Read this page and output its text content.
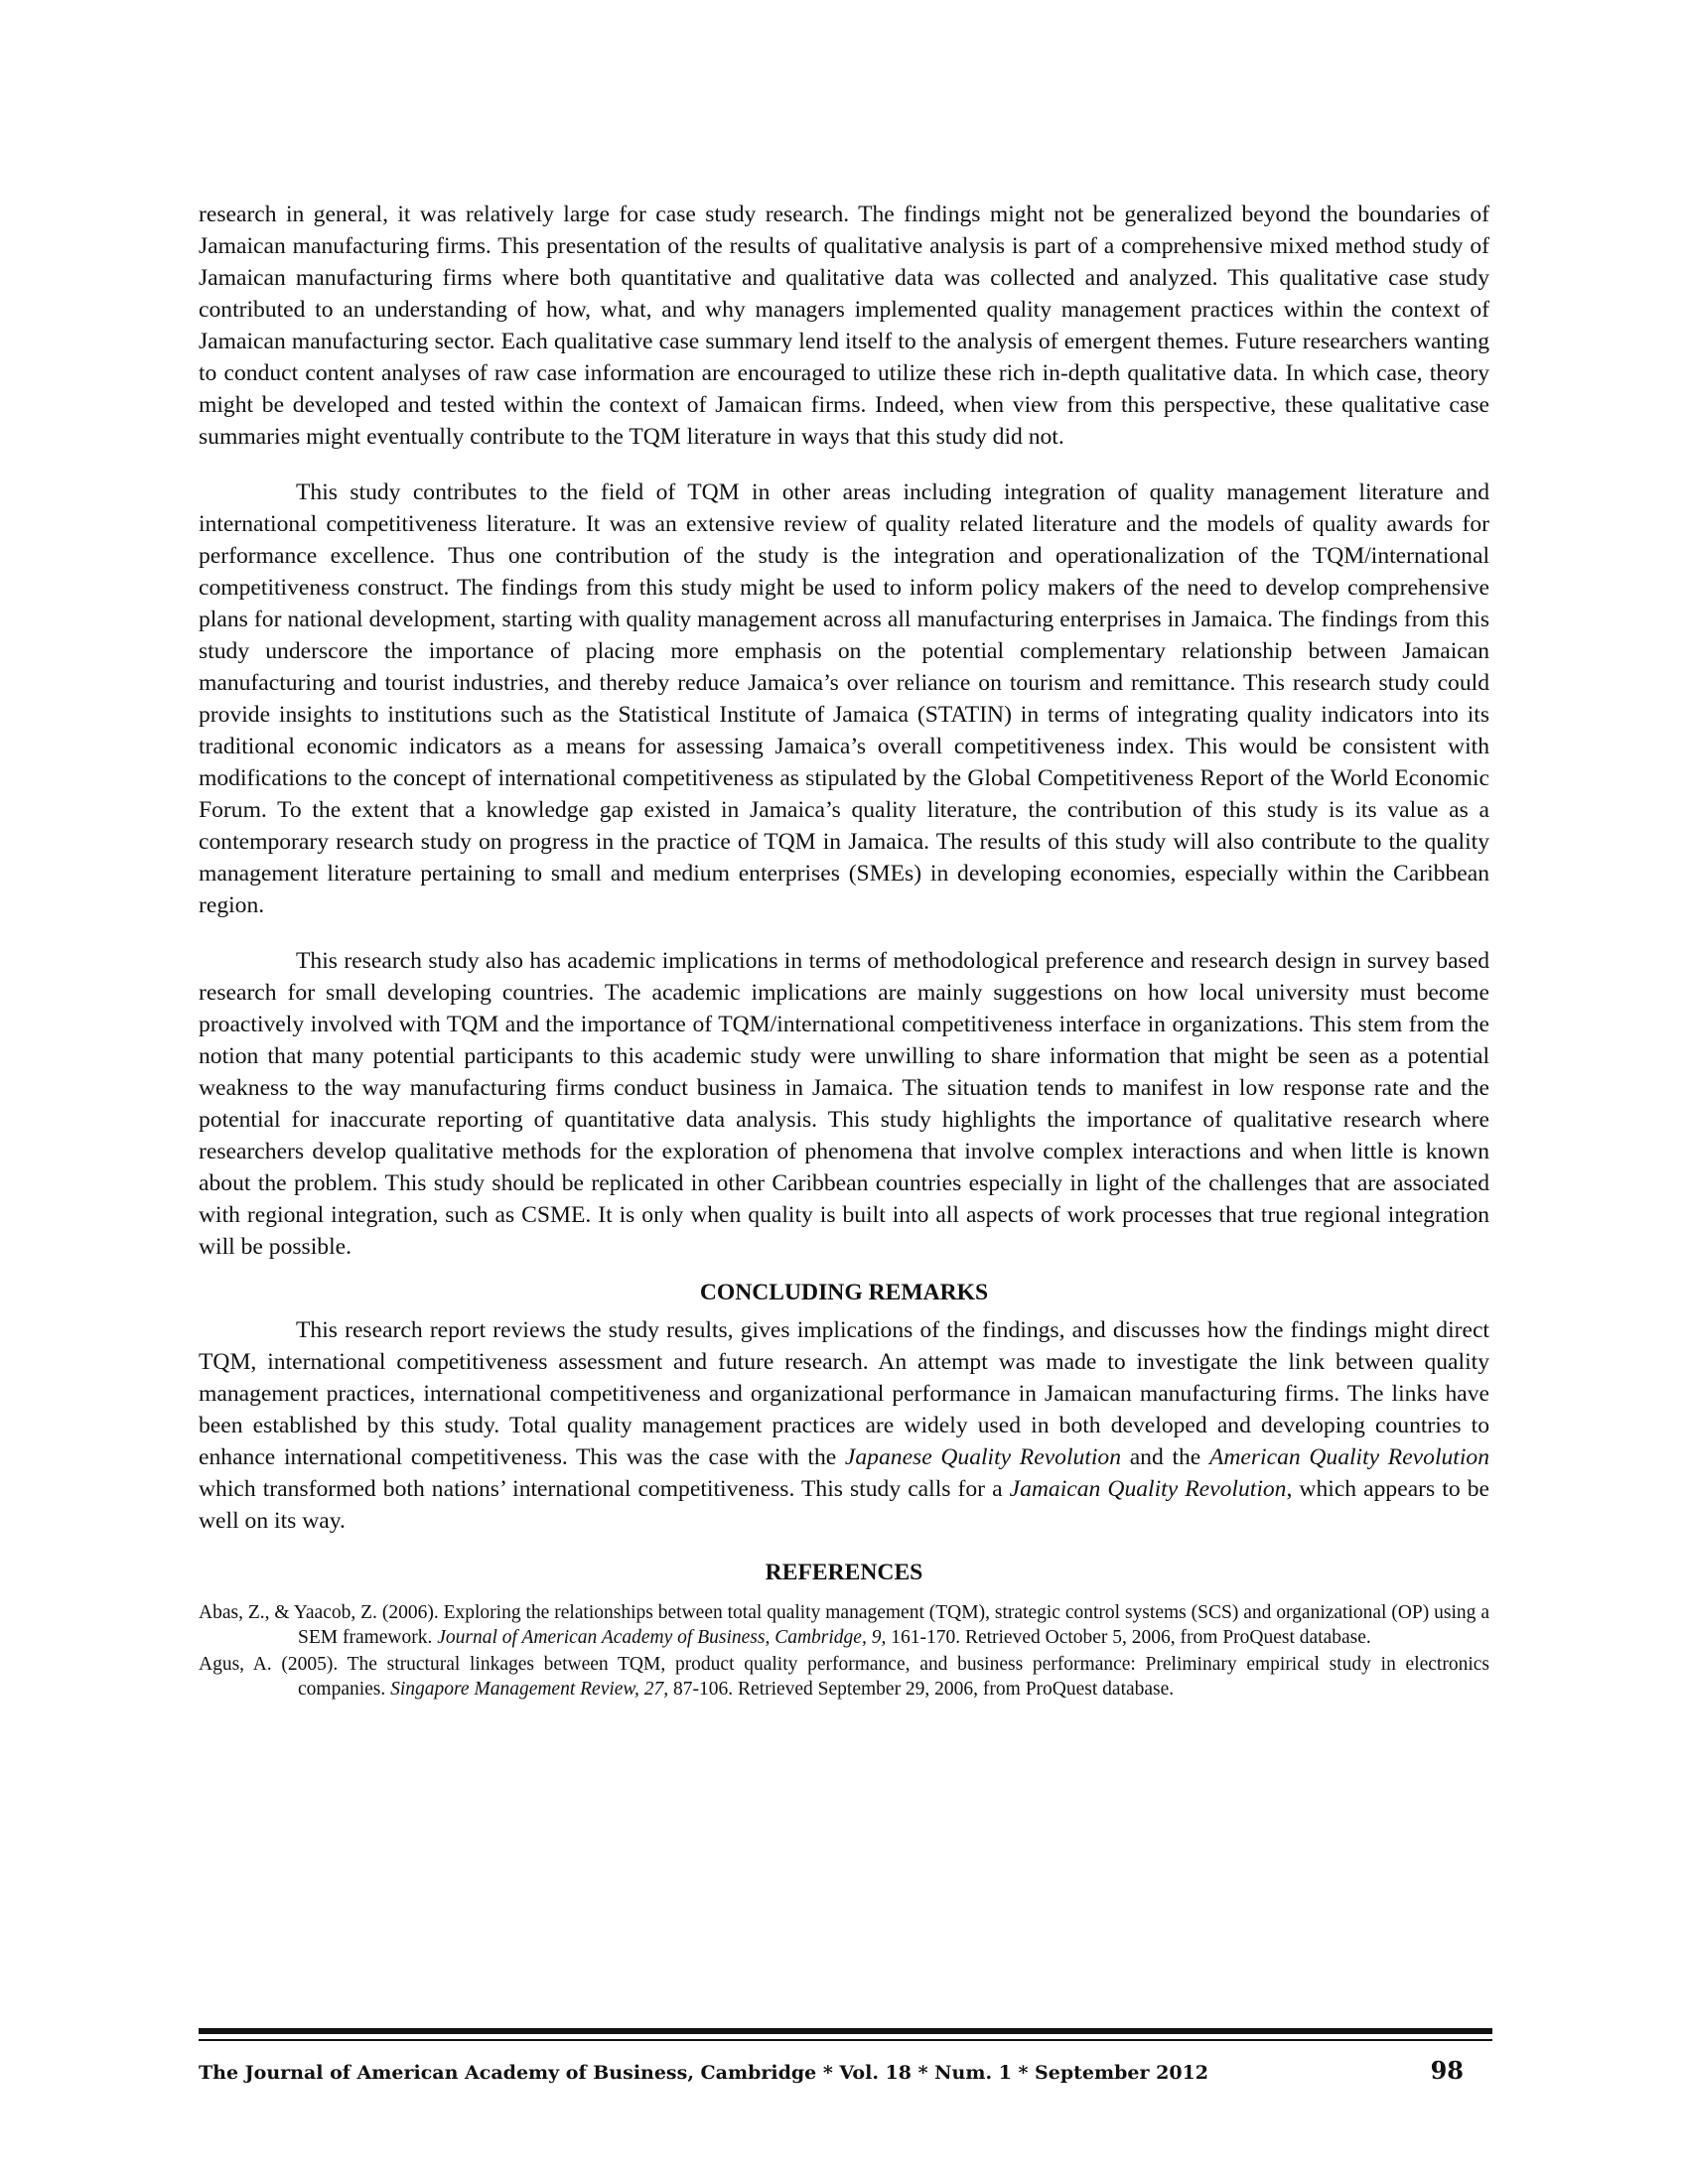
research in general, it was relatively large for case study research. The findings might not be generalized beyond the boundaries of Jamaican manufacturing firms. This presentation of the results of qualitative analysis is part of a comprehensive mixed method study of Jamaican manufacturing firms where both quantitative and qualitative data was collected and analyzed. This qualitative case study contributed to an understanding of how, what, and why managers implemented quality management practices within the context of Jamaican manufacturing sector. Each qualitative case summary lend itself to the analysis of emergent themes. Future researchers wanting to conduct content analyses of raw case information are encouraged to utilize these rich in-depth qualitative data. In which case, theory might be developed and tested within the context of Jamaican firms. Indeed, when view from this perspective, these qualitative case summaries might eventually contribute to the TQM literature in ways that this study did not.

This study contributes to the field of TQM in other areas including integration of quality management literature and international competitiveness literature. It was an extensive review of quality related literature and the models of quality awards for performance excellence. Thus one contribution of the study is the integration and operationalization of the TQM/international competitiveness construct. The findings from this study might be used to inform policy makers of the need to develop comprehensive plans for national development, starting with quality management across all manufacturing enterprises in Jamaica. The findings from this study underscore the importance of placing more emphasis on the potential complementary relationship between Jamaican manufacturing and tourist industries, and thereby reduce Jamaica’s over reliance on tourism and remittance. This research study could provide insights to institutions such as the Statistical Institute of Jamaica (STATIN) in terms of integrating quality indicators into its traditional economic indicators as a means for assessing Jamaica’s overall competitiveness index. This would be consistent with modifications to the concept of international competitiveness as stipulated by the Global Competitiveness Report of the World Economic Forum. To the extent that a knowledge gap existed in Jamaica’s quality literature, the contribution of this study is its value as a contemporary research study on progress in the practice of TQM in Jamaica. The results of this study will also contribute to the quality management literature pertaining to small and medium enterprises (SMEs) in developing economies, especially within the Caribbean region.

This research study also has academic implications in terms of methodological preference and research design in survey based research for small developing countries. The academic implications are mainly suggestions on how local university must become proactively involved with TQM and the importance of TQM/international competitiveness interface in organizations. This stem from the notion that many potential participants to this academic study were unwilling to share information that might be seen as a potential weakness to the way manufacturing firms conduct business in Jamaica. The situation tends to manifest in low response rate and the potential for inaccurate reporting of quantitative data analysis. This study highlights the importance of qualitative research where researchers develop qualitative methods for the exploration of phenomena that involve complex interactions and when little is known about the problem. This study should be replicated in other Caribbean countries especially in light of the challenges that are associated with regional integration, such as CSME. It is only when quality is built into all aspects of work processes that true regional integration will be possible.

CONCLUDING REMARKS

This research report reviews the study results, gives implications of the findings, and discusses how the findings might direct TQM, international competitiveness assessment and future research. An attempt was made to investigate the link between quality management practices, international competitiveness and organizational performance in Jamaican manufacturing firms. The links have been established by this study. Total quality management practices are widely used in both developed and developing countries to enhance international competitiveness. This was the case with the Japanese Quality Revolution and the American Quality Revolution which transformed both nations’ international competitiveness. This study calls for a Jamaican Quality Revolution, which appears to be well on its way.

REFERENCES

Abas, Z., & Yaacob, Z. (2006). Exploring the relationships between total quality management (TQM), strategic control systems (SCS) and organizational (OP) using a SEM framework. Journal of American Academy of Business, Cambridge, 9, 161-170. Retrieved October 5, 2006, from ProQuest database.

Agus, A. (2005). The structural linkages between TQM, product quality performance, and business performance: Preliminary empirical study in electronics companies. Singapore Management Review, 27, 87-106. Retrieved September 29, 2006, from ProQuest database.

The Journal of American Academy of Business, Cambridge * Vol. 18 * Num. 1 * September 2012	98
